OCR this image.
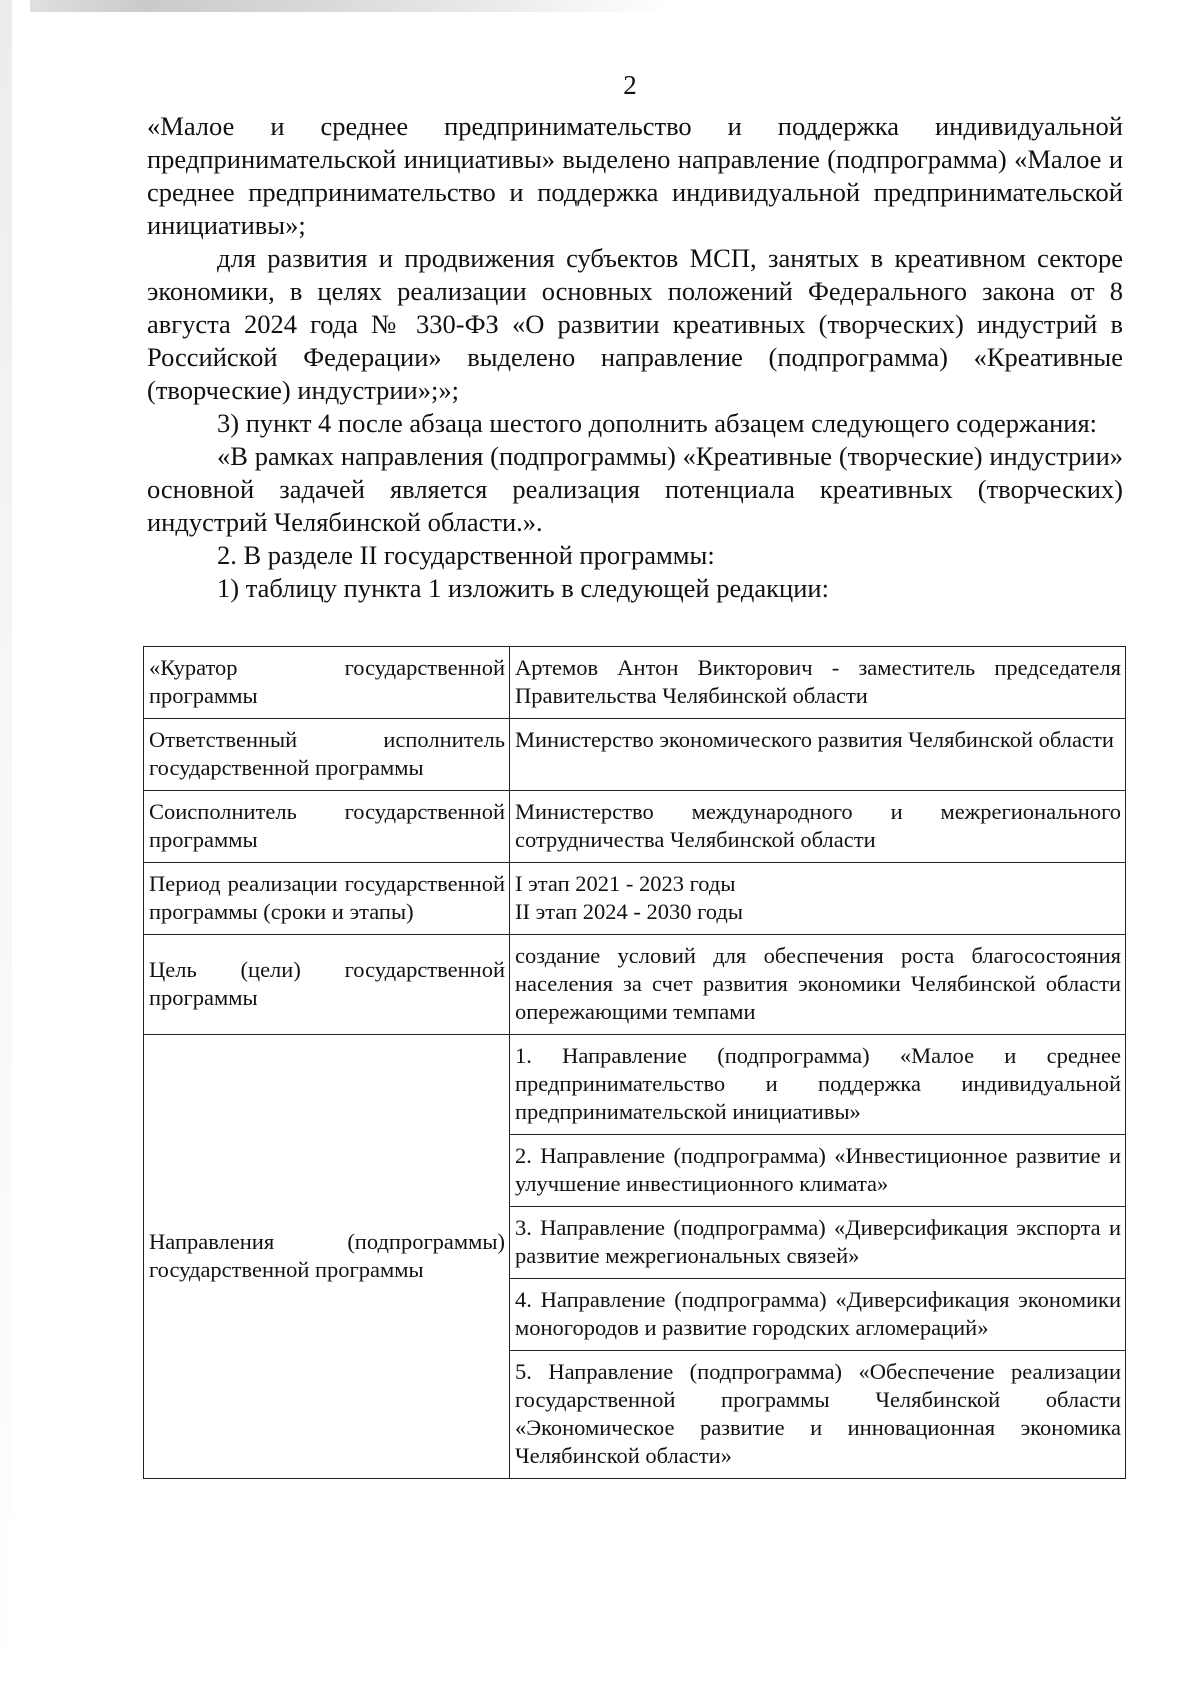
2

«Малое и среднее предпринимательство и поддержка индивидуальной предпринимательской инициативы» выделено направление (подпрограмма) «Малое и среднее предпринимательство и поддержка индивидуальной предпринимательской инициативы»;

для развития и продвижения субъектов МСП, занятых в креативном секторе экономики, в целях реализации основных положений Федерального закона от 8 августа 2024 года № 330-ФЗ «О развитии креативных (творческих) индустрий в Российской Федерации» выделено направление (подпрограмма) «Креативные (творческие) индустрии»;»;

3) пункт 4 после абзаца шестого дополнить абзацем следующего содержания:

«В рамках направления (подпрограммы) «Креативные (творческие) индустрии» основной задачей является реализация потенциала креативных (творческих) индустрий Челябинской области.».

2. В разделе II государственной программы:

1) таблицу пункта 1 изложить в следующей редакции:

«Куратор государственной программы	Артемов Антон Викторович - заместитель председателя Правительства Челябинской области
Ответственный исполнитель государственной программы	Министерство экономического развития Челябинской области
Соисполнитель государственной программы	Министерство международного и межрегионального сотрудничества Челябинской области
Период реализации государственной программы (сроки и этапы)	I этап 2021 - 2023 годы
II этап 2024 - 2030 годы

Цель (цели) государственной программы	создание условий для обеспечения роста благосостояния населения за счет развития экономики Челябинской области опережающими темпами
Направления (подпрограммы) государственной программы	1. Направление (подпрограмма) «Малое и среднее предпринимательство и поддержка индивидуальной предпринимательской инициативы»
	2. Направление (подпрограмма) «Инвестиционное развитие и улучшение инвестиционного климата»
	3. Направление (подпрограмма) «Диверсификация экспорта и развитие межрегиональных связей»
	4. Направление (подпрограмма) «Диверсификация экономики моногородов и развитие городских агломераций»
	5. Направление (подпрограмма) «Обеспечение реализации государственной программы Челябинской области «Экономическое развитие и инновационная экономика Челябинской области»
